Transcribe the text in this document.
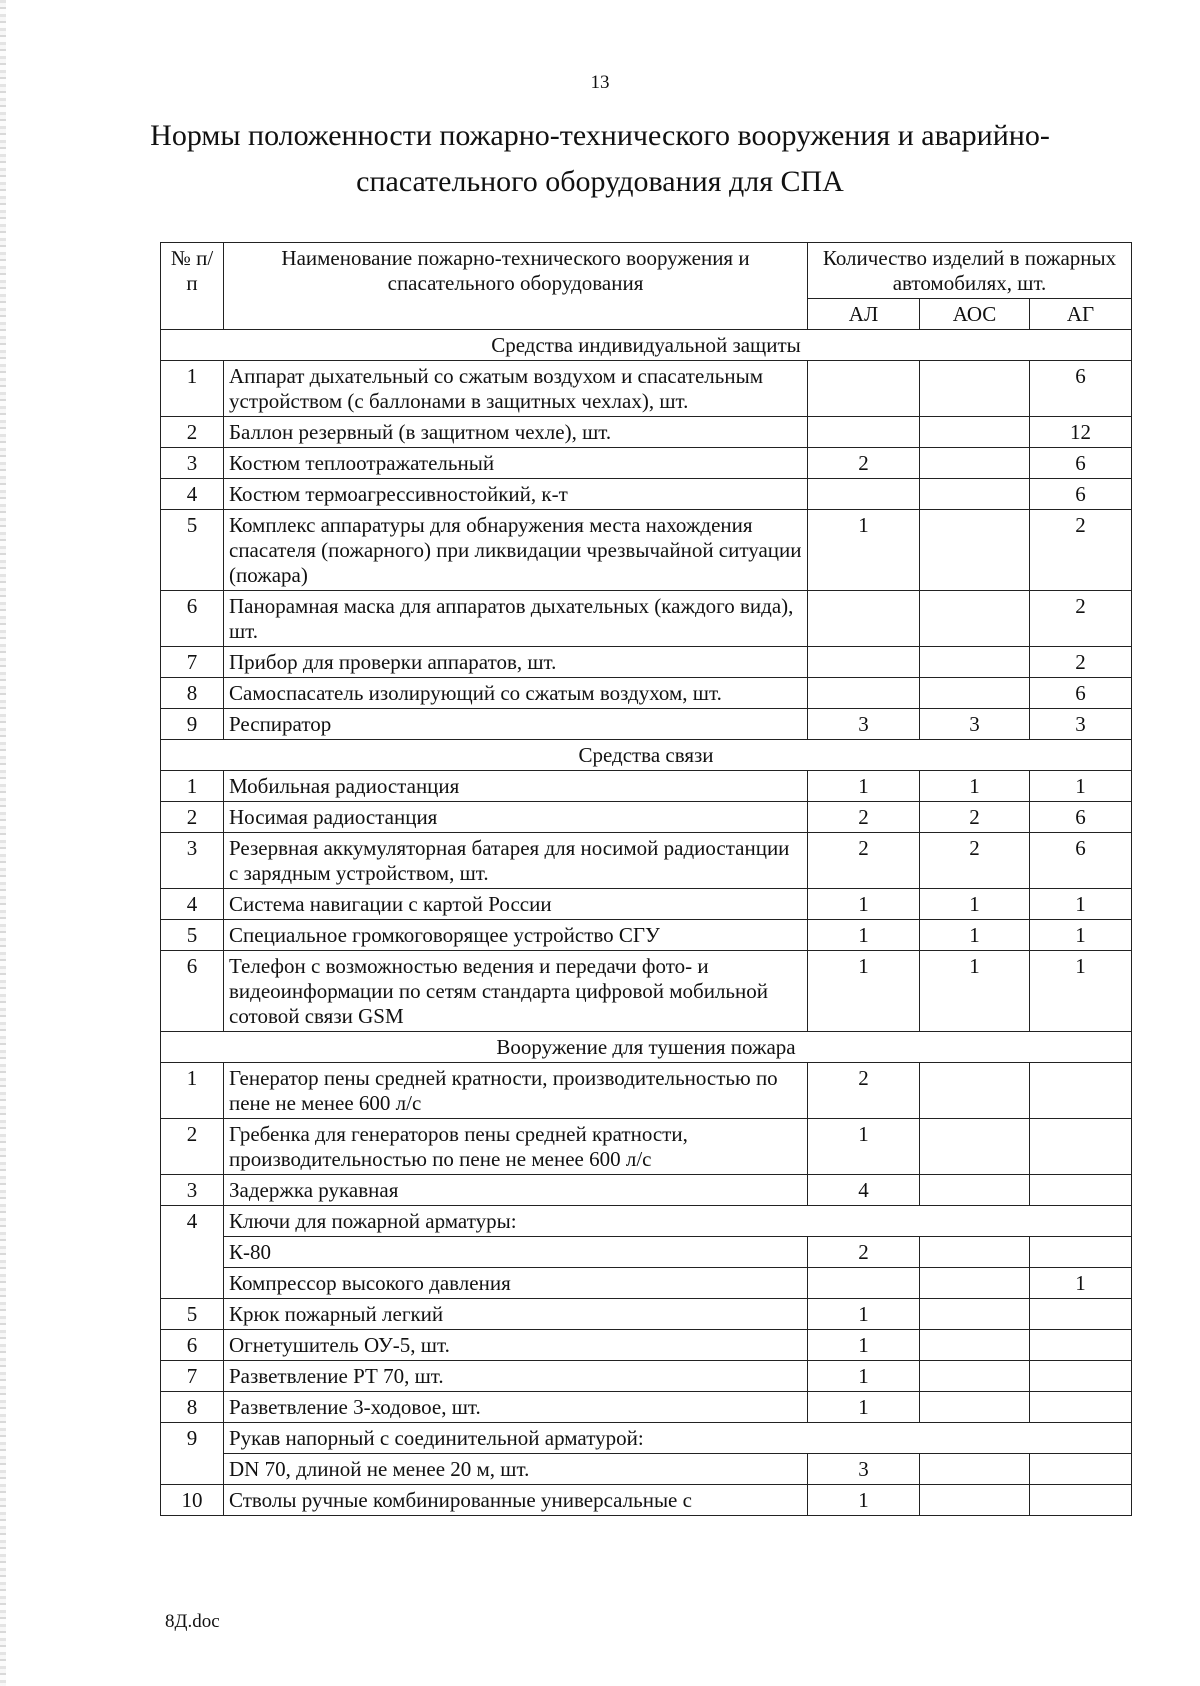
13
Нормы положенности пожарно-технического вооружения и аварийно-
спасательного оборудования для СПА
№ п/п	Наименование пожарно-технического вооружения и спасательного оборудования	Количество изделий в пожарных автомобилях, шт.		
		АЛ	АОС	АГ
Средства индивидуальной защиты				
1	Аппарат дыхательный со сжатым воздухом и спасательным устройством (с баллонами в защитных чехлах), шт.			6
2	Баллон резервный (в защитном чехле), шт.			12
3	Костюм теплоотражательный	2		6
4	Костюм термоагрессивностойкий, к-т			6
5	Комплекс аппаратуры для обнаружения места нахождения спасателя (пожарного) при ликвидации чрезвычайной ситуации (пожара)	1		2
6	Панорамная маска для аппаратов дыхательных (каждого вида), шт.			2
7	Прибор для проверки аппаратов, шт.			2
8	Самоспасатель изолирующий со сжатым воздухом, шт.			6
9	Респиратор	3	3	3
Средства связи				
1	Мобильная радиостанция	1	1	1
2	Носимая радиостанция	2	2	6
3	Резервная аккумуляторная батарея для носимой радиостанции с зарядным устройством, шт.	2	2	6
4	Система навигации с картой России	1	1	1
5	Специальное громкоговорящее устройство СГУ	1	1	1
6	Телефон с возможностью ведения и передачи фото- и видеоинформации по сетям стандарта цифровой мобильной сотовой связи GSM	1	1	1
Вооружение для тушения пожара				
1	Генератор пены средней кратности, производительностью по пене не менее 600 л/с	2		
2	Гребенка для генераторов пены средней кратности, производительностью по пене не менее 600 л/с	1		
3	Задержка рукавная	4		
4	Ключи для пожарной арматуры:			
	К-80	2		
	Компрессор высокого давления			1
5	Крюк пожарный легкий	1		
6	Огнетушитель ОУ-5, шт.	1		
7	Разветвление РТ 70, шт.	1		
8	Разветвление 3-ходовое, шт.	1		
9	Рукав напорный с соединительной арматурой:			
	DN 70, длиной не менее 20 м, шт.	3		
10	Стволы ручные комбинированные универсальные с	1		
8Д.doc
